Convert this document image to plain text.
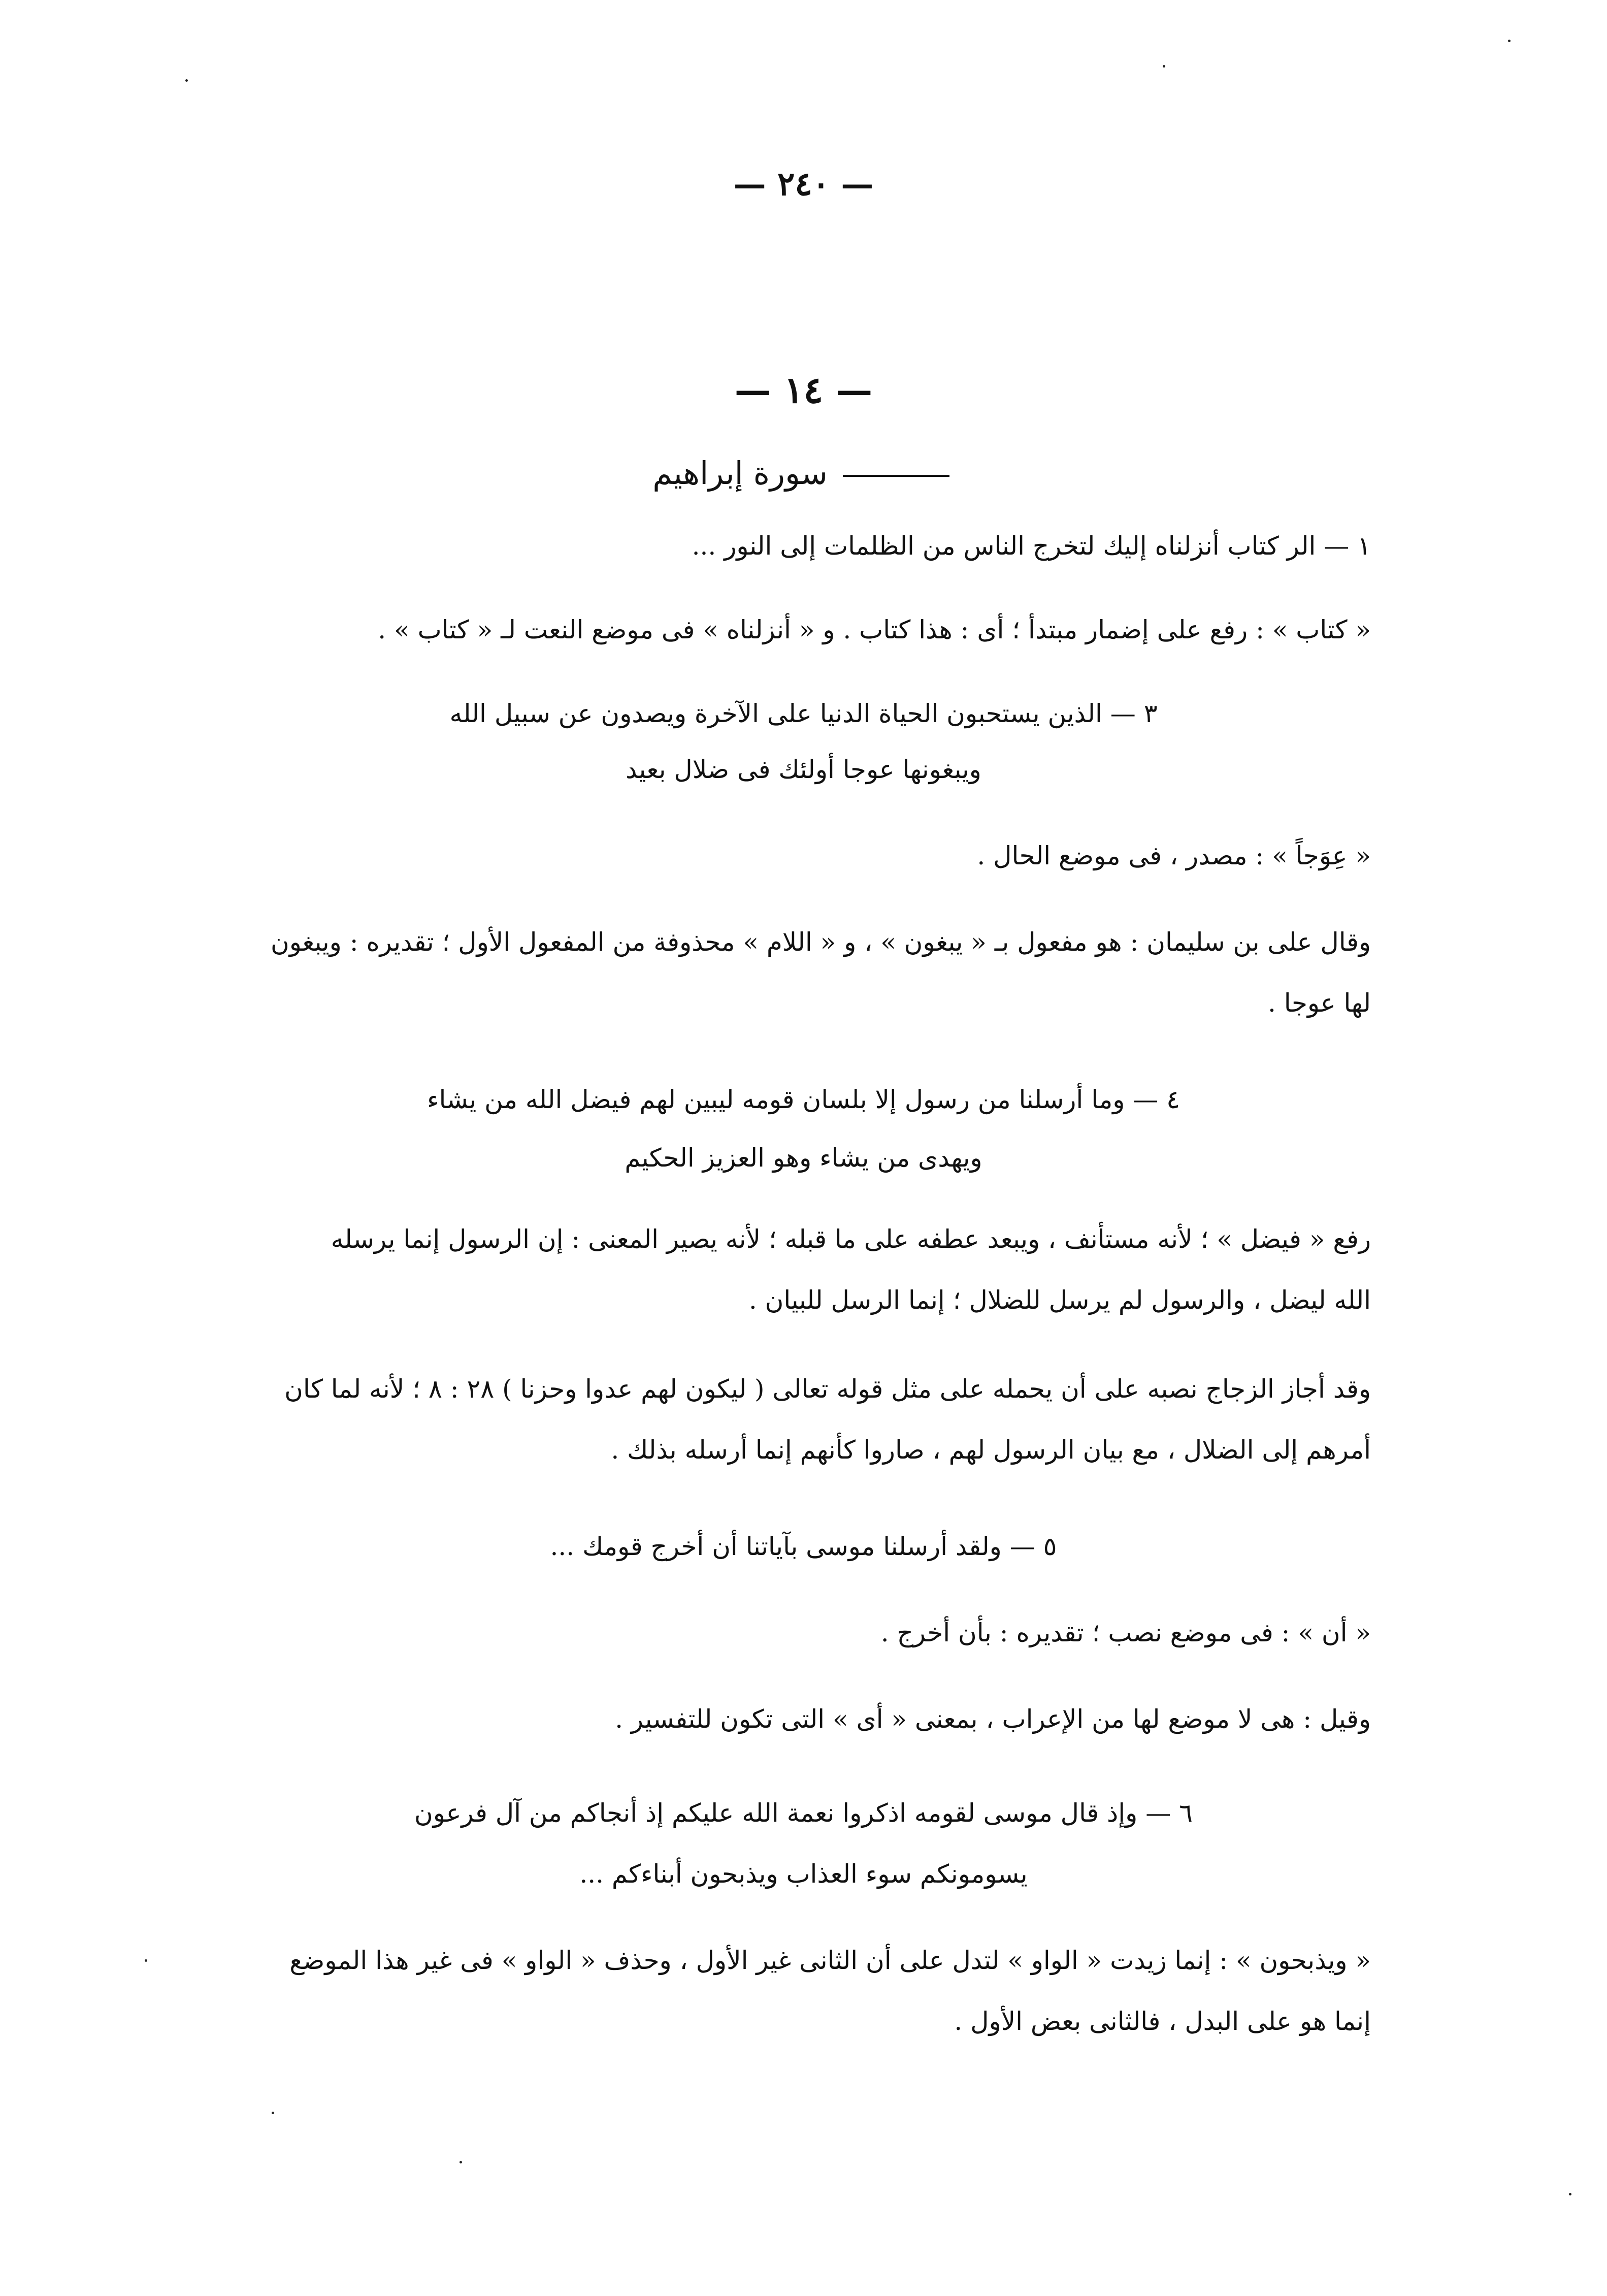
— ٢٤٠ —
— ١٤ —
سورة إبراهيم
١ — الر كتاب أنزلناه إليك لتخرج الناس من الظلمات إلى النور ...
« كتاب » : رفع على إضمار مبتدأ ؛ أى : هذا كتاب . و « أنزلناه » فى موضع النعت لـ « كتاب » .
٣ — الذين يستحبون الحياة الدنيا على الآخرة ويصدون عن سبيل الله
ويبغونها عوجا أولئك فى ضلال بعيد
« عِوَجاً » : مصدر ، فى موضع الحال .
وقال على بن سليمان : هو مفعول بـ « يبغون » ، و « اللام » محذوفة من المفعول الأول ؛ تقديره : ويبغون
لها عوجا .
٤ — وما أرسلنا من رسول إلا بلسان قومه ليبين لهم فيضل الله من يشاء
ويهدى من يشاء وهو العزيز الحكيم
رفع « فيضل » ؛ لأنه مستأنف ، ويبعد عطفه على ما قبله ؛ لأنه يصير المعنى : إن الرسول إنما يرسله
الله ليضل ، والرسول لم يرسل للضلال ؛ إنما الرسل للبيان .
وقد أجاز الزجاج نصبه على أن يحمله على مثل قوله تعالى ( ليكون لهم عدوا وحزنا ) ٢٨ : ٨ ؛ لأنه لما كان
أمرهم إلى الضلال ، مع بيان الرسول لهم ، صاروا كأنهم إنما أرسله بذلك .
٥ — ولقد أرسلنا موسى بآياتنا أن أخرج قومك ...
« أن » : فى موضع نصب ؛ تقديره : بأن أخرج .
وقيل : هى لا موضع لها من الإعراب ، بمعنى « أى » التى تكون للتفسير .
٦ — وإذ قال موسى لقومه اذكروا نعمة الله عليكم إذ أنجاكم من آل فرعون
يسومونكم سوء العذاب ويذبحون أبناءكم ...
« ويذبحون » : إنما زيدت « الواو » لتدل على أن الثانى غير الأول ، وحذف « الواو » فى غير هذا الموضع
إنما هو على البدل ، فالثانى بعض الأول .
